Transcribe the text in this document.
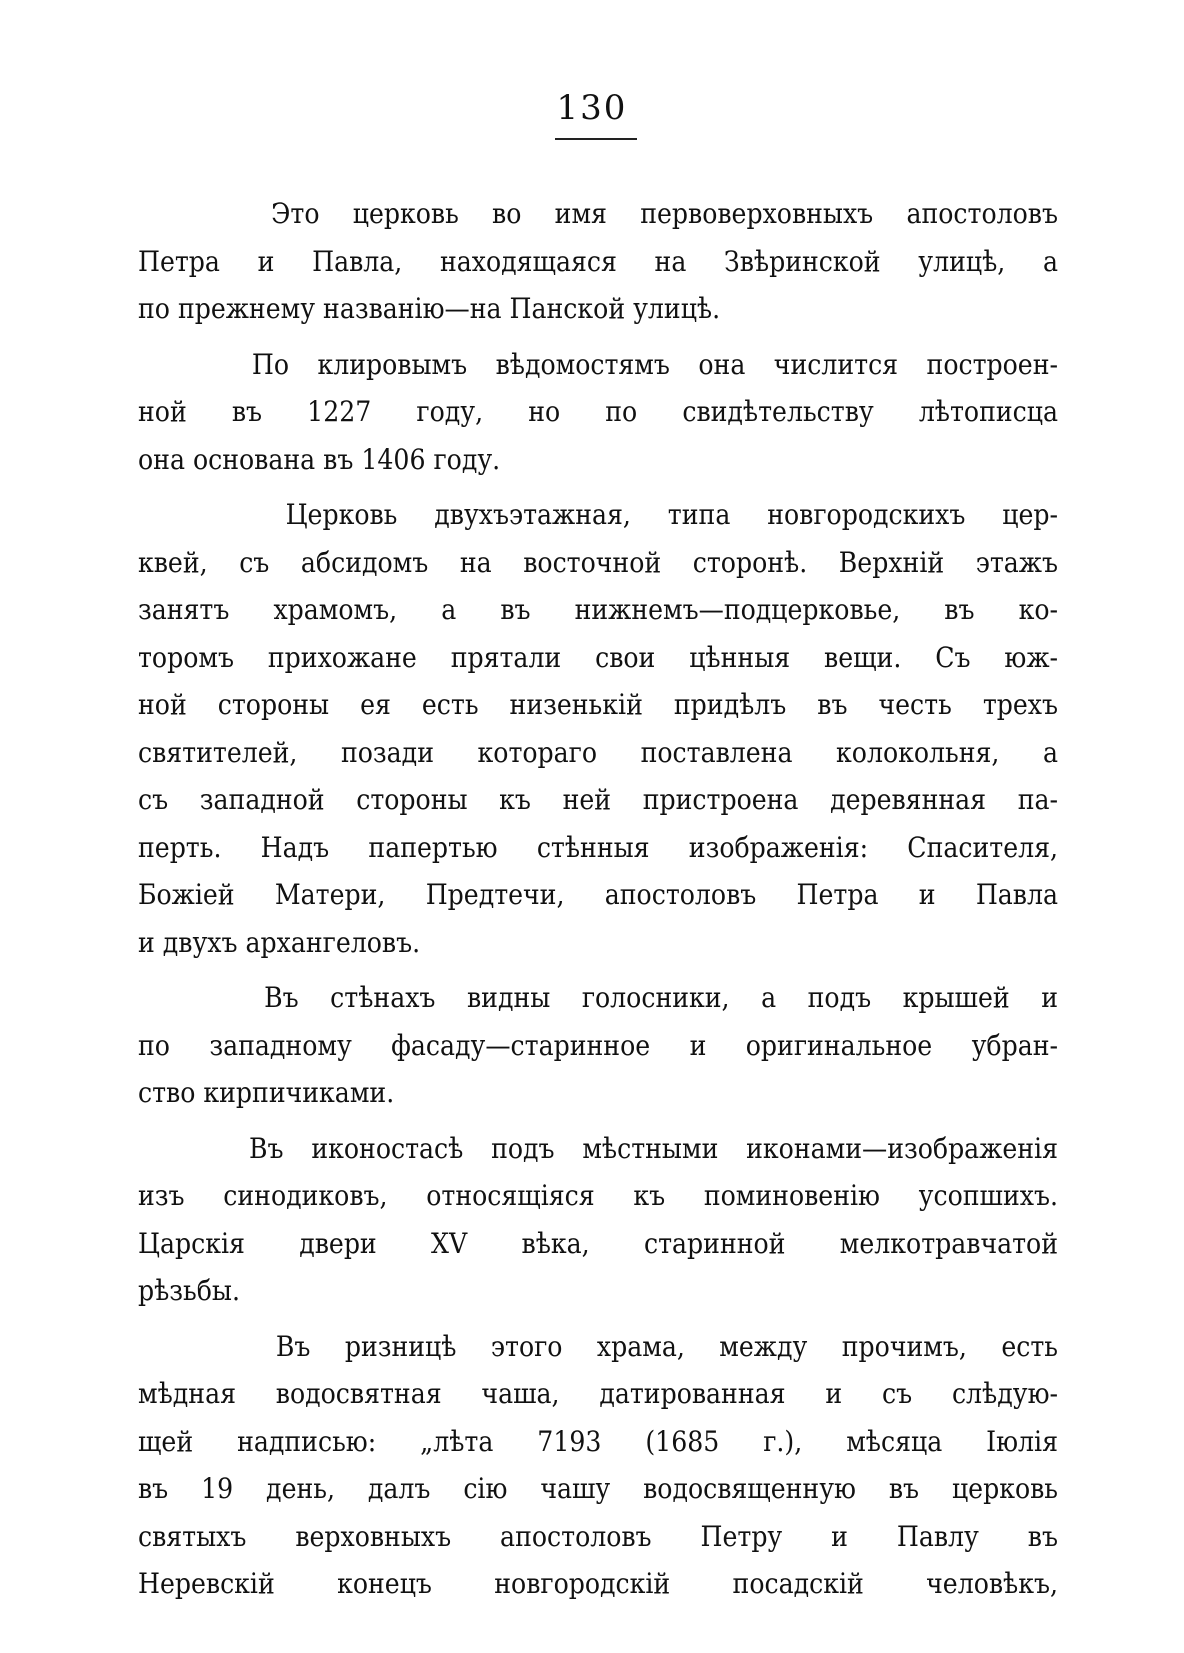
130
Это церковь во имя первоверховныхъ апостоловъ
Петра и Павла, находящаяся на Звѣринской улицѣ, а
по прежнему названію—на Панской улицѣ.
По клировымъ вѣдомостямъ она числится построен-
ной въ 1227 году, но по свидѣтельству лѣтописца
она основана въ 1406 году.
Церковь двухъэтажная, типа новгородскихъ цер-
квей, съ абсидомъ на восточной сторонѣ. Верхній этажъ
занятъ храмомъ, а въ нижнемъ—подцерковье, въ ко-
торомъ прихожане прятали свои цѣнныя вещи. Съ юж-
ной стороны ея есть низенькій придѣлъ въ честь трехъ
святителей, позади котораго поставлена колокольня, а
съ западной стороны къ ней пристроена деревянная па-
перть. Надъ папертью стѣнныя изображенія: Спасителя,
Божіей Матери, Предтечи, апостоловъ Петра и Павла
и двухъ архангеловъ.
Въ стѣнахъ видны голосники, а подъ крышей и
по западному фасаду—старинное и оригинальное убран-
ство кирпичиками.
Въ иконостасѣ подъ мѣстными иконами—изображенія
изъ синодиковъ, относящіяся къ поминовенію усопшихъ.
Царскія двери XV вѣка, старинной мелкотравчатой
рѣзьбы.
Въ ризницѣ этого храма, между прочимъ, есть
мѣдная водосвятная чаша, датированная и съ слѣдую-
щей надписью: „лѣта 7193 (1685 г.), мѣсяца Іюлія
въ 19 день, далъ сію чашу водосвященную въ церковь
святыхъ верховныхъ апостоловъ Петру и Павлу въ
Неревскій конецъ новгородскій посадскій человѣкъ,
